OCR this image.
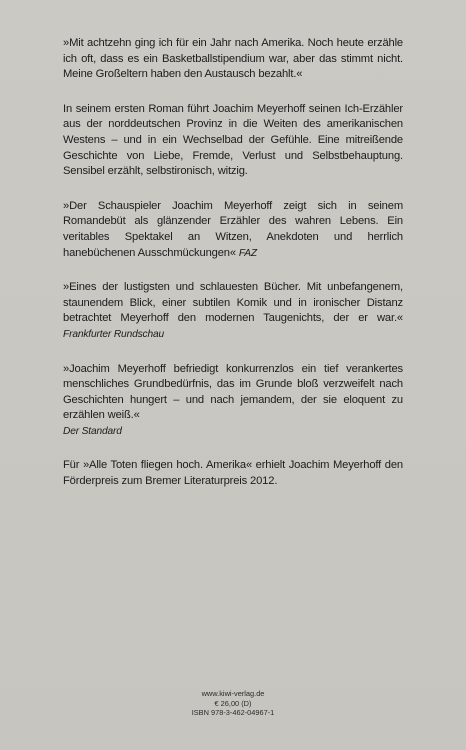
»Mit achtzehn ging ich für ein Jahr nach Amerika. Noch heute erzähle ich oft, dass es ein Basketballstipendium war, aber das stimmt nicht. Meine Großeltern haben den Austausch bezahlt.«

In seinem ersten Roman führt Joachim Meyerhoff seinen Ich-Erzähler aus der norddeutschen Provinz in die Weiten des amerikanischen Westens – und in ein Wechselbad der Gefühle. Eine mitreißende Geschichte von Liebe, Fremde, Verlust und Selbstbehauptung. Sensibel erzählt, selbstironisch, witzig.

»Der Schauspieler Joachim Meyerhoff zeigt sich in seinem Romandebüt als glänzender Erzähler des wahren Lebens. Ein veritables Spektakel an Witzen, Anekdoten und herrlich hanebüchenen Ausschmückungen« FAZ

»Eines der lustigsten und schlauesten Bücher. Mit unbefangenem, staunendem Blick, einer subtilen Komik und in ironischer Distanz betrachtet Meyerhoff den modernen Taugenichts, der er war.« Frankfurter Rundschau

»Joachim Meyerhoff befriedigt konkurrenzlos ein tief verankertes menschliches Grundbedürfnis, das im Grunde bloß verzweifelt nach Geschichten hungert – und nach jemandem, der sie eloquent zu erzählen weiß.«
Der Standard

Für »Alle Toten fliegen hoch. Amerika« erhielt Joachim Meyerhoff den Förderpreis zum Bremer Literaturpreis 2012.

www.kiwi-verlag.de
€ 26,00 (D)
ISBN 978-3-462-04967-1
